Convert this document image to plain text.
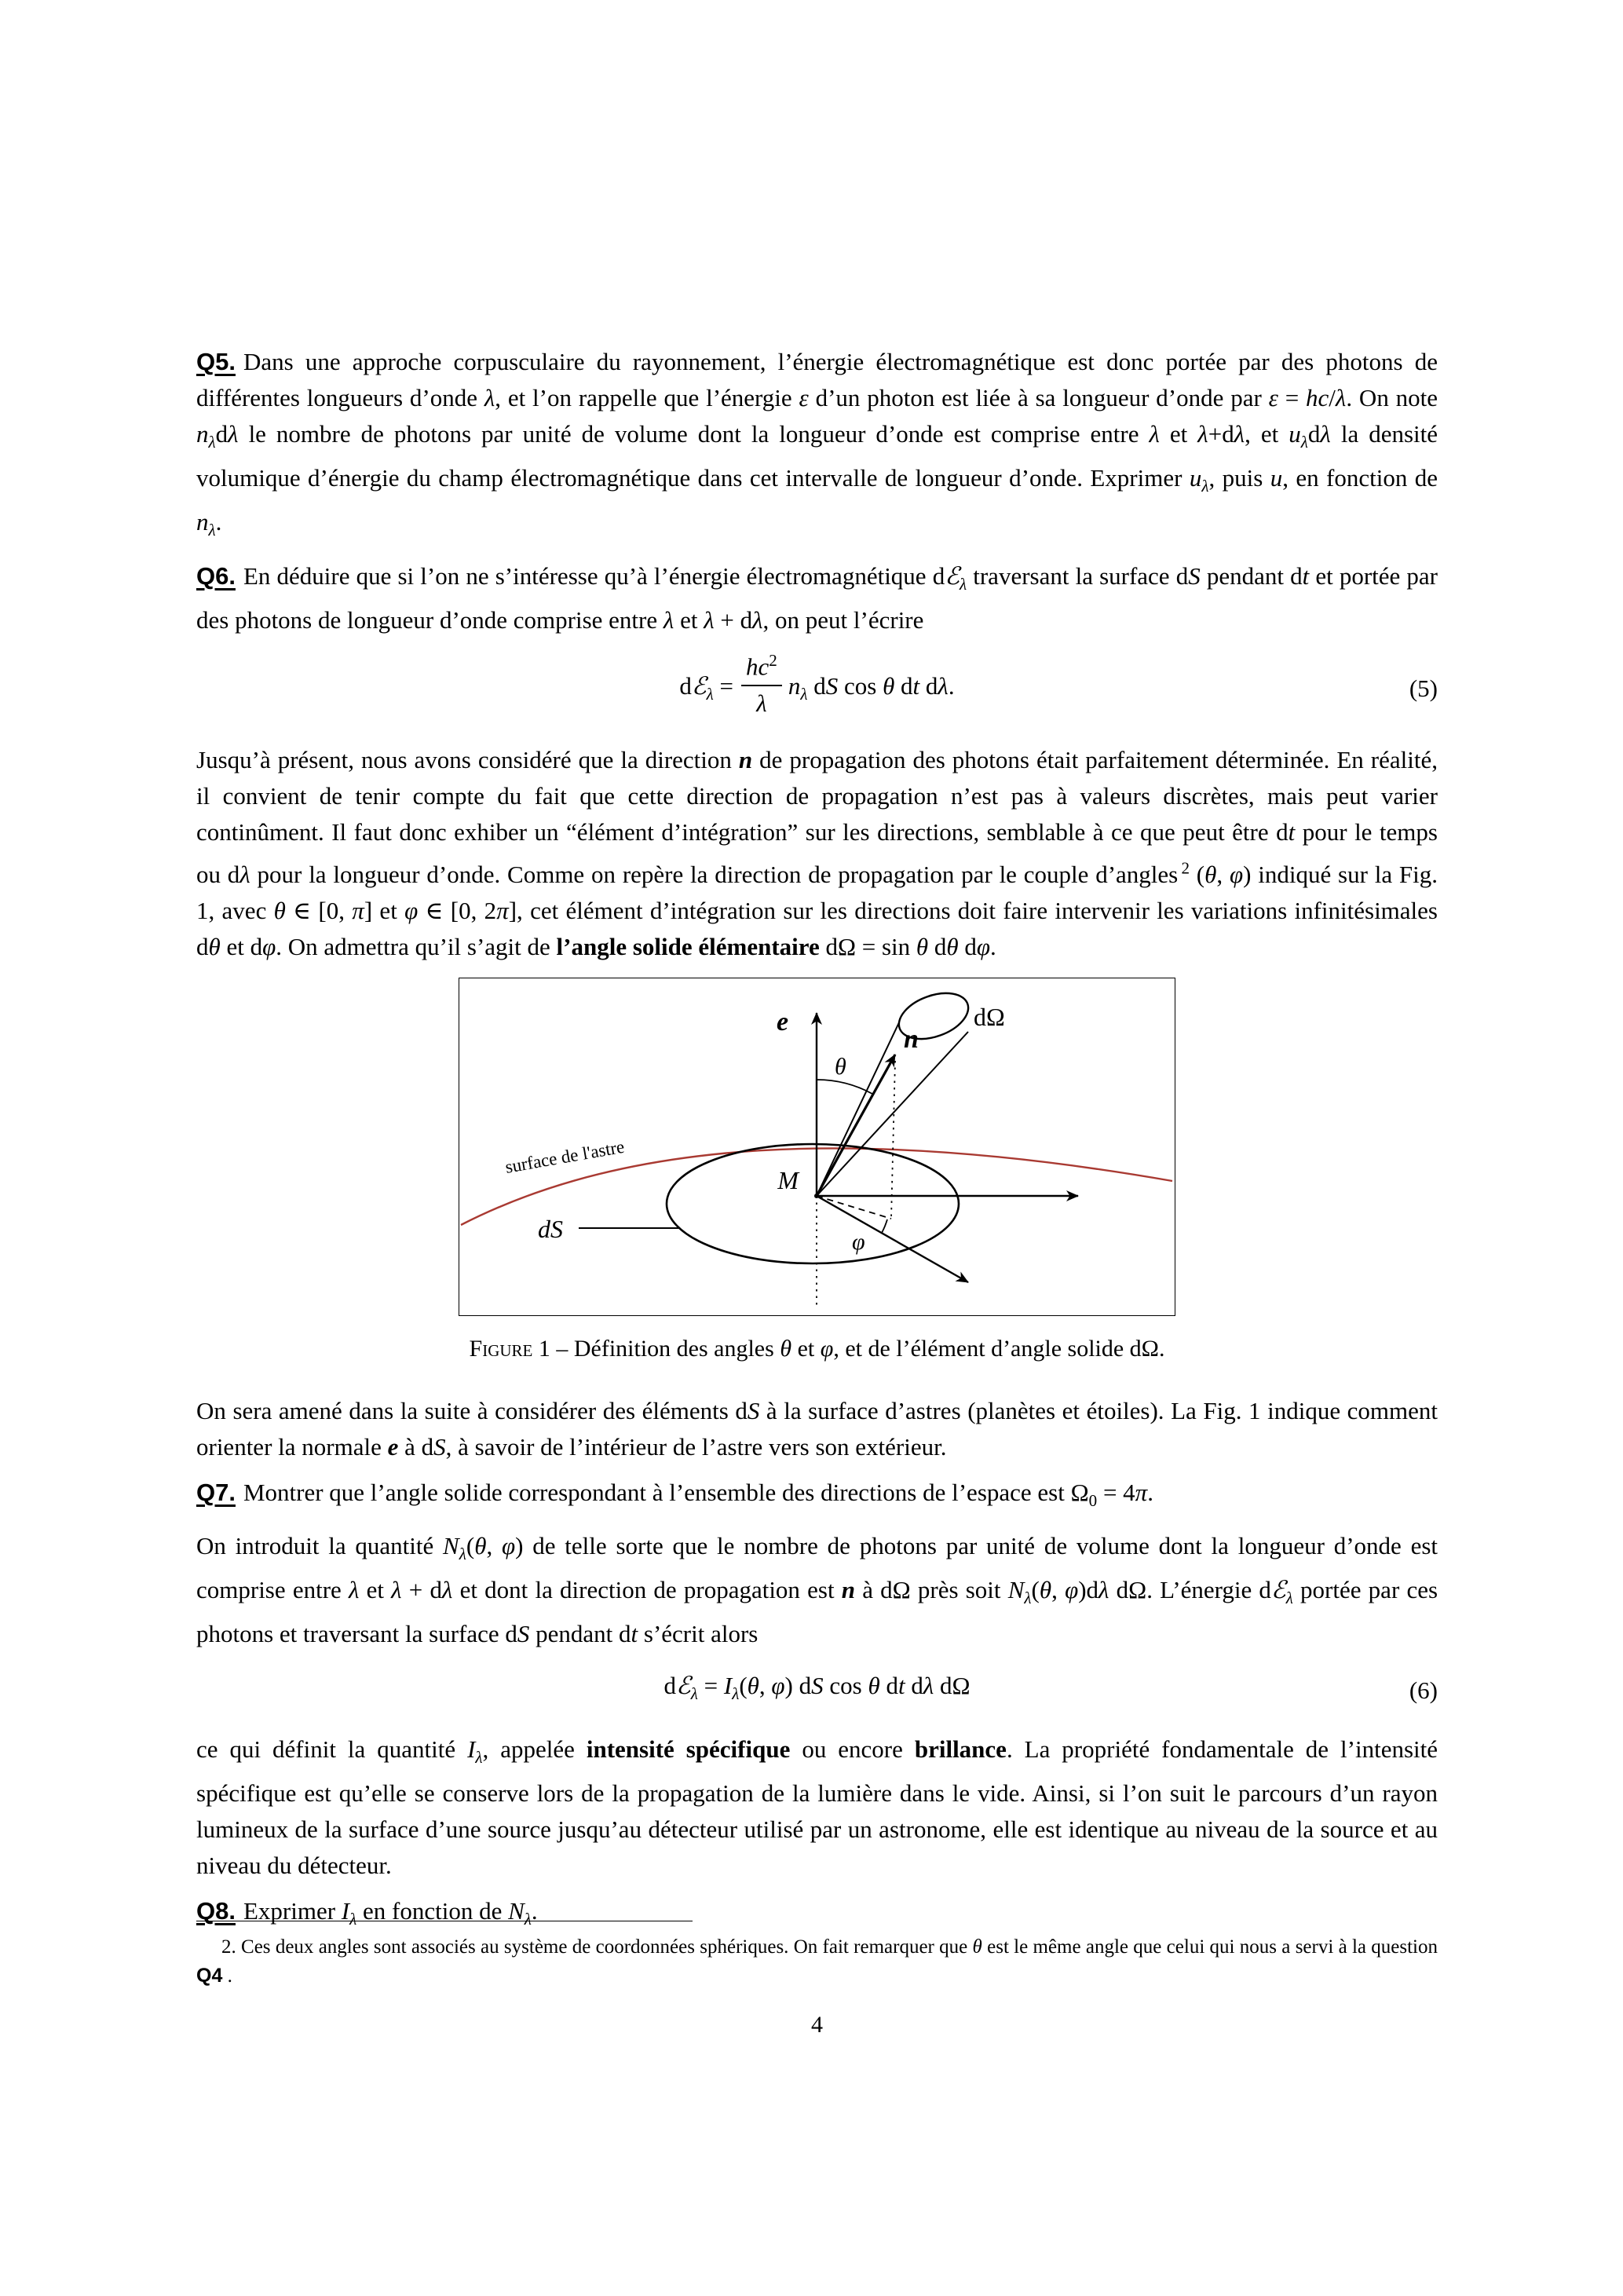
Q5. Dans une approche corpusculaire du rayonnement, l’énergie électromagnétique est donc portée par des photons de différentes longueurs d’onde λ, et l’on rappelle que l’énergie ε d’un photon est liée à sa longueur d’onde par ε = hc/λ. On note $n_\lambda d\lambda$ le nombre de photons par unité de volume dont la longueur d’onde est comprise entre λ et λ+dλ, et $u_\lambda d\lambda$ la densité volumique d’énergie du champ électromagnétique dans cet intervalle de longueur d’onde. Exprimer $u_\lambda$, puis u, en fonction de $n_\lambda$.

Q6. En déduire que si l’on ne s’intéresse qu’à l’énergie électromagnétique dℰ$_\lambda$ traversant la surface dS pendant dt et portée par des photons de longueur d’onde comprise entre λ et λ + dλ, on peut l’écrire

dℰ$_\lambda$ = $\frac{hc^2}{\lambda} n_\lambda$ dS cos θ dt dλ.	(5)

Jusqu’à présent, nous avons considéré que la direction n de propagation des photons était parfaitement déterminée. En réalité, il convient de tenir compte du fait que cette direction de propagation n’est pas à valeurs discrètes, mais peut varier continûment. Il faut donc exhiber un “élément d’intégration” sur les directions, semblable à ce que peut être dt pour le temps ou dλ pour la longueur d’onde. Comme on repère la direction de propagation par le couple d’angles $^2$ (θ, φ) indiqué sur la Fig. 1, avec θ ∈ [0, π] et φ ∈ [0, 2π], cet élément d’intégration sur les directions doit faire intervenir les variations infinitésimales dθ et dφ. On admettra qu’il s’agit de l’angle solide élémentaire dΩ = sin θ dθ dφ.

surface de l'astre
e
n
θ
φ
M
dΩ
dS
Figure 1 – Définition des angles θ et φ, et de l’élément d’angle solide dΩ.

On sera amené dans la suite à considérer des éléments dS à la surface d’astres (planètes et étoiles). La Fig. 1 indique comment orienter la normale e à dS, à savoir de l’intérieur de l’astre vers son extérieur.

Q7. Montrer que l’angle solide correspondant à l’ensemble des directions de l’espace est $\Omega_0 = 4\pi$.

On introduit la quantité $N_\lambda(\theta$, φ) de telle sorte que le nombre de photons par unité de volume dont la longueur d’onde est comprise entre λ et λ + dλ et dont la direction de propagation est n à dΩ près soit $N_\lambda(\theta$, φ)dλ dΩ. L’énergie dℰ$_\lambda$ portée par ces photons et traversant la surface dS pendant dt s’écrit alors

dℰ$_\lambda$ = $I_\lambda(\theta$, φ) dS cos θ dt dλ dΩ	(6)

ce qui définit la quantité $I_\lambda$, appelée intensité spécifique ou encore brillance. La propriété fondamentale de l’intensité spécifique est qu’elle se conserve lors de la propagation de la lumière dans le vide. Ainsi, si l’on suit le parcours d’un rayon lumineux de la surface d’une source jusqu’au détecteur utilisé par un astronome, elle est identique au niveau de la source et au niveau du détecteur.

Q8. Exprimer $I_\lambda$ en fonction de $N_\lambda$.

2. Ces deux angles sont associés au système de coordonnées sphériques. On fait remarquer que θ est le même angle que celui qui nous a servi à la question Q4 .

4
